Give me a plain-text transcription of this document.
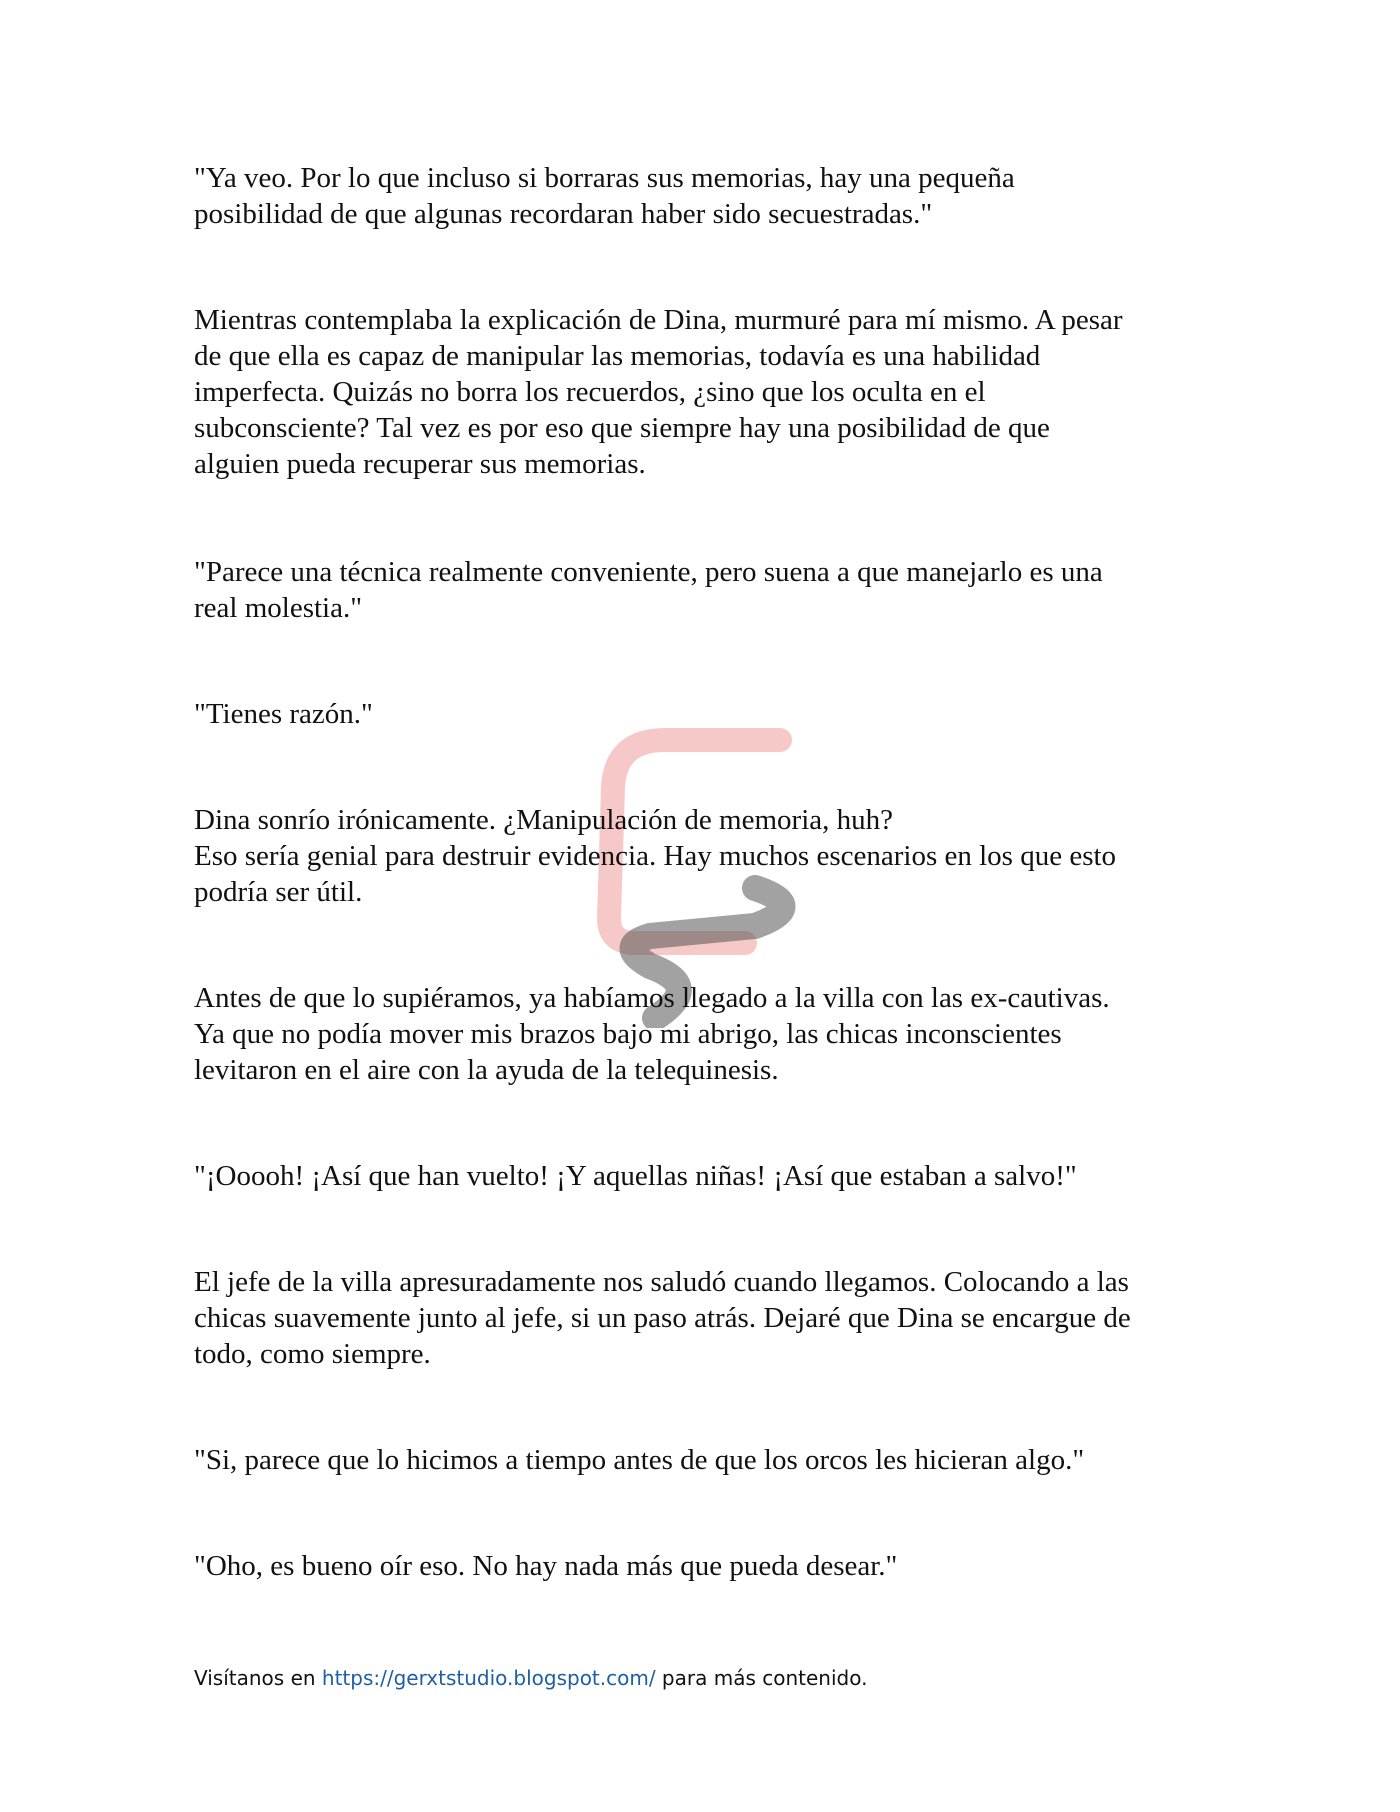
"Ya veo. Por lo que incluso si borraras sus memorias, hay una pequeña
posibilidad de que algunas recordaran haber sido secuestradas."

Mientras contemplaba la explicación de Dina, murmuré para mí mismo. A pesar
de que ella es capaz de manipular las memorias, todavía es una habilidad
imperfecta. Quizás no borra los recuerdos, ¿sino que los oculta en el
subconsciente? Tal vez es por eso que siempre hay una posibilidad de que
alguien pueda recuperar sus memorias.

"Parece una técnica realmente conveniente, pero suena a que manejarlo es una
real molestia."

"Tienes razón."

Dina sonrío irónicamente. ¿Manipulación de memoria, huh?
Eso sería genial para destruir evidencia. Hay muchos escenarios en los que esto
podría ser útil.

Antes de que lo supiéramos, ya habíamos llegado a la villa con las ex-cautivas.
Ya que no podía mover mis brazos bajo mi abrigo, las chicas inconscientes
levitaron en el aire con la ayuda de la telequinesis.

"¡Ooooh! ¡Así que han vuelto! ¡Y aquellas niñas! ¡Así que estaban a salvo!"

El jefe de la villa apresuradamente nos saludó cuando llegamos. Colocando a las
chicas suavemente junto al jefe, si un paso atrás. Dejaré que Dina se encargue de
todo, como siempre.

"Si, parece que lo hicimos a tiempo antes de que los orcos les hicieran algo."

"Oho, es bueno oír eso. No hay nada más que pueda desear."

Visítanos en https://gerxtstudio.blogspot.com/ para más contenido.
